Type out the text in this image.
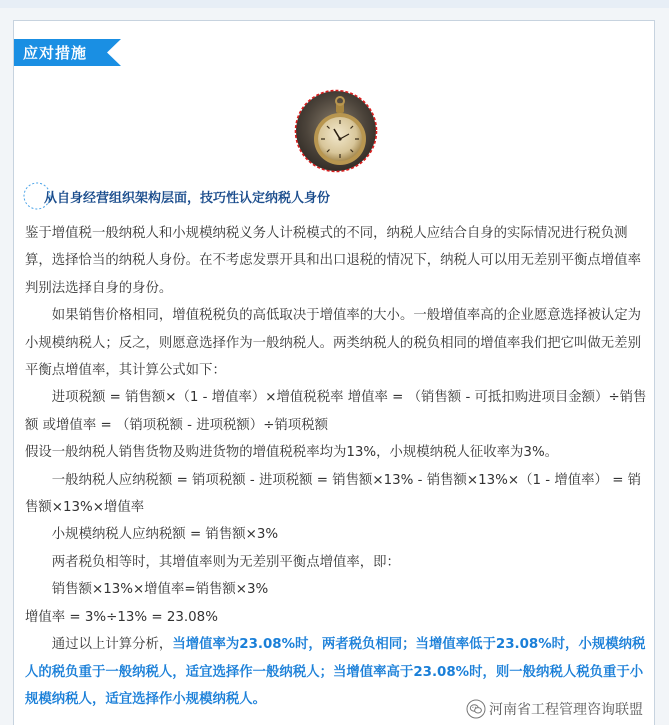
应对措施
从自身经营组织架构层面，技巧性认定纳税人身份

鉴于增值税一般纳税人和小规模纳税义务人计税模式的不同，纳税人应结合自身的实际情况进行税负测算，选择恰当的纳税人身份。在不考虑发票开具和出口退税的情况下，纳税人可以用无差别平衡点增值率判别法选择自身的身份。

如果销售价格相同，增值税税负的高低取决于增值率的大小。一般增值率高的企业愿意选择被认定为小规模纳税人；反之，则愿意选择作为一般纳税人。两类纳税人的税负相同的增值率我们把它叫做无差别平衡点增值率，其计算公式如下：

进项税额 = 销售额×（1 - 增值率）×增值税税率 增值率 = （销售额 - 可抵扣购进项目金额）÷销售额 或增值率 = （销项税额 - 进项税额）÷销项税额

假设一般纳税人销售货物及购进货物的增值税税率均为13%，小规模纳税人征收率为3%。

一般纳税人应纳税额 = 销项税额 - 进项税额 = 销售额×13% - 销售额×13%×（1 - 增值率） = 销售额×13%×增值率

小规模纳税人应纳税额 = 销售额×3%

两者税负相等时，其增值率则为无差别平衡点增值率，即：

销售额×13%×增值率=销售额×3%

增值率 = 3%÷13% = 23.08%

通过以上计算分析，当增值率为23.08%时，两者税负相同；当增值率低于23.08%时，小规模纳税人的税负重于一般纳税人，适宜选择作一般纳税人；当增值率高于23.08%时，则一般纳税人税负重于小规模纳税人，适宜选择作小规模纳税人。

河南省工程管理咨询联盟
